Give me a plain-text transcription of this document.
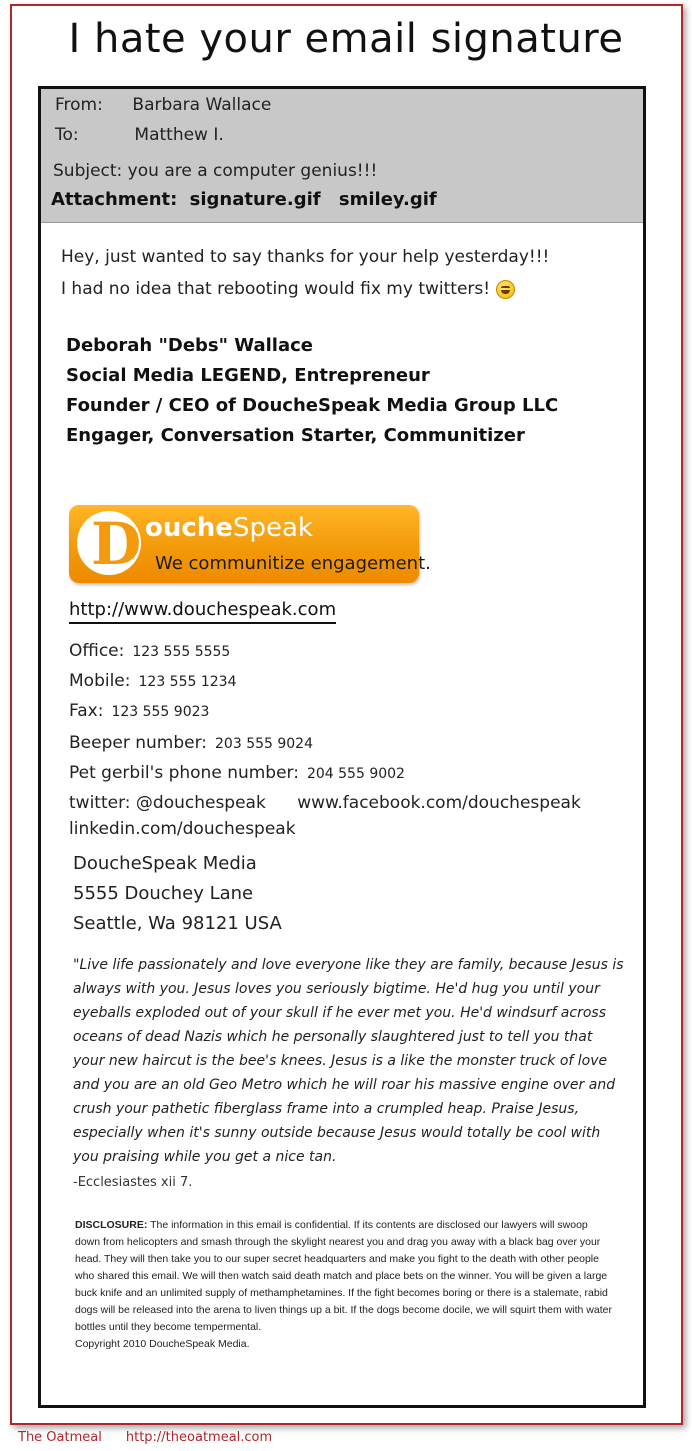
I hate your email signature
From: Barbara Wallace
To:	Matthew I.
Subject: you are a computer genius!!!
Attachment: signature.gif smiley.gif
Hey, just wanted to say thanks for your help yesterday!!!
I had no idea that rebooting would fix my twitters!
Deborah "Debs" Wallace
Social Media LEGEND, Entrepreneur
Founder / CEO of DoucheSpeak Media Group LLC
Engager, Conversation Starter, Communitizer
D oucheSpeak
We communitize engagement.
http://www.douchespeak.com
Office: 123 555 5555
Mobile: 123 555 1234
Fax: 123 555 9023
Beeper number: 203 555 9024
Pet gerbil's phone number: 204 555 9002
twitter: @douchespeak www.facebook.com/douchespeak
linkedin.com/douchespeak
DoucheSpeak Media
5555 Douchey Lane
Seattle, Wa 98121 USA
"Live life passionately and love everyone like they are family, because Jesus is always with you. Jesus loves you seriously bigtime. He'd hug you until your eyeballs exploded out of your skull if he ever met you. He'd windsurf across oceans of dead Nazis which he personally slaughtered just to tell you that your new haircut is the bee's knees. Jesus is a like the monster truck of love and you are an old Geo Metro which he will roar his massive engine over and crush your pathetic fiberglass frame into a crumpled heap. Praise Jesus, especially when it's sunny outside because Jesus would totally be cool with you praising while you get a nice tan.
-Ecclesiastes xii 7.
DISCLOSURE: The information in this email is confidential. If its contents are disclosed our lawyers will swoop down from helicopters and smash through the skylight nearest you and drag you away with a black bag over your head. They will then take you to our super secret headquarters and make you fight to the death with other people who shared this email. We will then watch said death match and place bets on the winner. You will be given a large buck knife and an unlimited supply of methamphetamines. If the fight becomes boring or there is a stalemate, rabid dogs will be released into the arena to liven things up a bit. If the dogs become docile, we will squirt them with water bottles until they become tempermental.
Copyright 2010 DoucheSpeak Media.
The Oatmeal http://theoatmeal.com
